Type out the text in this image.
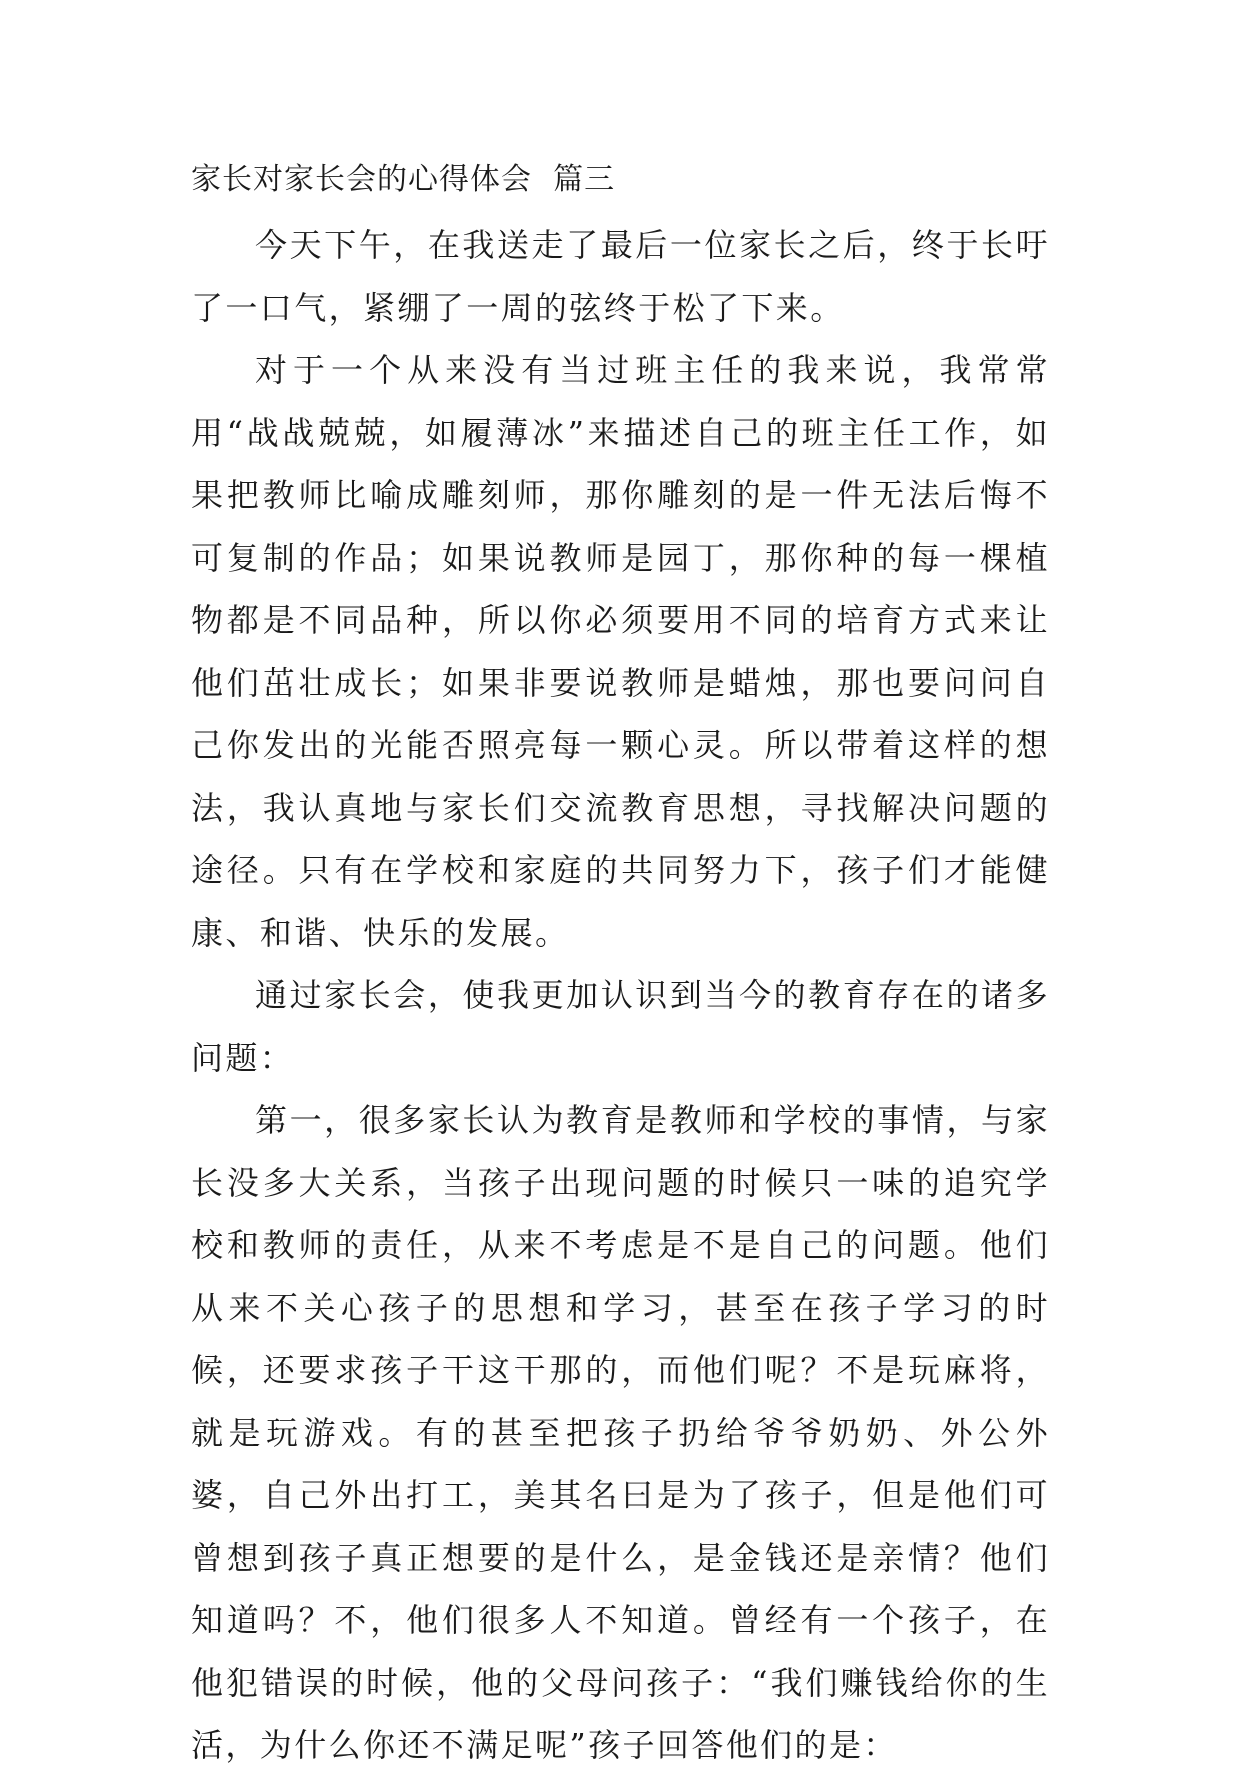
家长对家长会的心得体会  篇三

今天下午，在我送走了最后一位家长之后，终于长吁了一口气，紧绷了一周的弦终于松了下来。

对于一个从来没有当过班主任的我来说，我常常用“战战兢兢，如履薄冰”来描述自己的班主任工作，如果把教师比喻成雕刻师，那你雕刻的是一件无法后悔不可复制的作品；如果说教师是园丁，那你种的每一棵植物都是不同品种，所以你必须要用不同的培育方式来让他们茁壮成长；如果非要说教师是蜡烛，那也要问问自己你发出的光能否照亮每一颗心灵。所以带着这样的想法，我认真地与家长们交流教育思想，寻找解决问题的途径。只有在学校和家庭的共同努力下，孩子们才能健康、和谐、快乐的发展。

通过家长会，使我更加认识到当今的教育存在的诸多问题：

第一，很多家长认为教育是教师和学校的事情，与家长没多大关系，当孩子出现问题的时候只一味的追究学校和教师的责任，从来不考虑是不是自己的问题。他们从来不关心孩子的思想和学习，甚至在孩子学习的时候，还要求孩子干这干那的，而他们呢？不是玩麻将，就是玩游戏。有的甚至把孩子扔给爷爷奶奶、外公外婆，自己外出打工，美其名曰是为了孩子，但是他们可曾想到孩子真正想要的是什么，是金钱还是亲情？他们知道吗？不，他们很多人不知道。曾经有一个孩子，在他犯错误的时候，他的父母问孩子：“我们赚钱给你的生活，为什么你还不满足呢”孩子回答他们的是：
